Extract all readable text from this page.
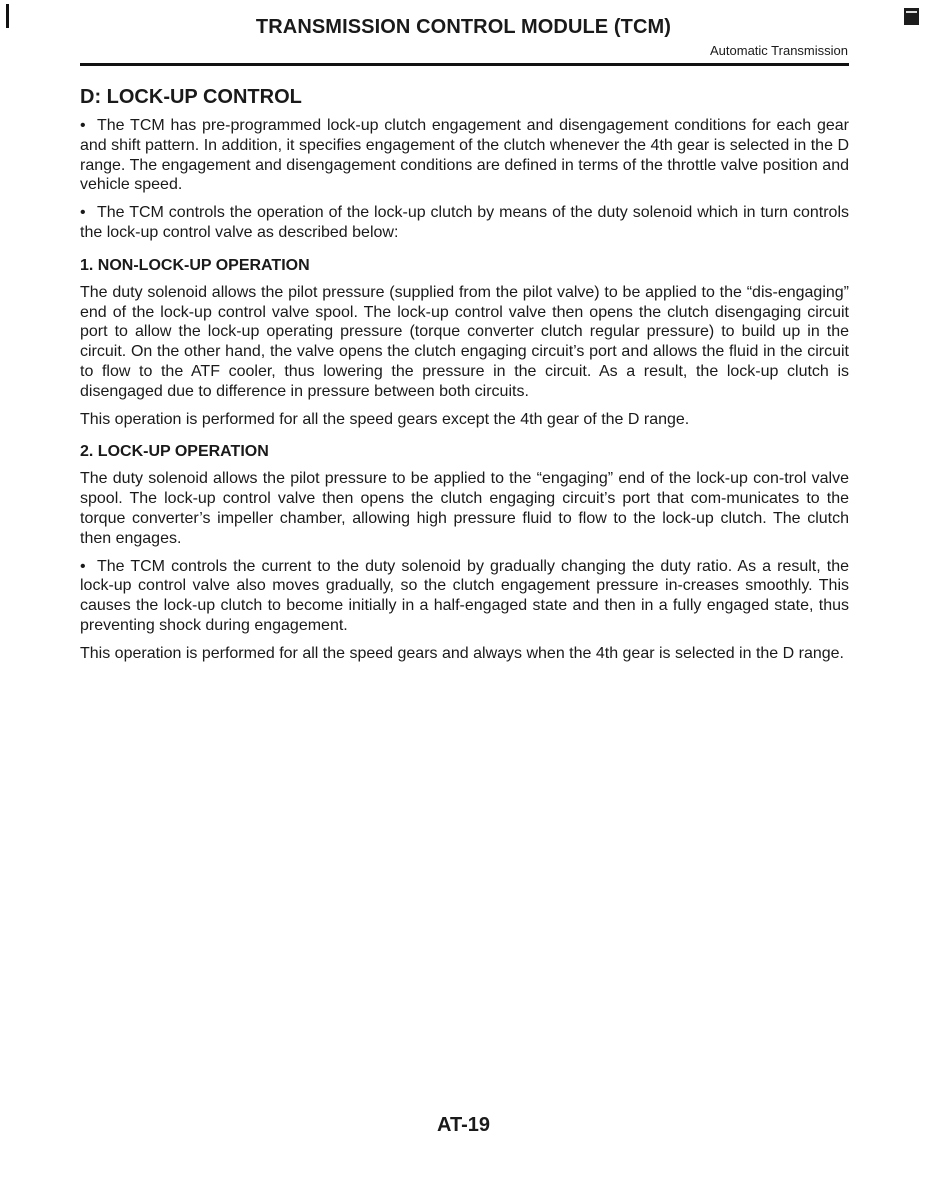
TRANSMISSION CONTROL MODULE (TCM)
Automatic Transmission
D: LOCK-UP CONTROL

• The TCM has pre-programmed lock-up clutch engagement and disengagement conditions for each gear and shift pattern. In addition, it specifies engagement of the clutch whenever the 4th gear is selected in the D range. The engagement and disengagement conditions are defined in terms of the throttle valve position and vehicle speed.

• The TCM controls the operation of the lock-up clutch by means of the duty solenoid which in turn controls the lock-up control valve as described below:

1. NON-LOCK-UP OPERATION

The duty solenoid allows the pilot pressure (supplied from the pilot valve) to be applied to the “dis-engaging” end of the lock-up control valve spool. The lock-up control valve then opens the clutch disengaging circuit port to allow the lock-up operating pressure (torque converter clutch regular pressure) to build up in the circuit. On the other hand, the valve opens the clutch engaging circuit’s port and allows the fluid in the circuit to flow to the ATF cooler, thus lowering the pressure in the circuit. As a result, the lock-up clutch is disengaged due to difference in pressure between both circuits.

This operation is performed for all the speed gears except the 4th gear of the D range.

2. LOCK-UP OPERATION

The duty solenoid allows the pilot pressure to be applied to the “engaging” end of the lock-up con-trol valve spool. The lock-up control valve then opens the clutch engaging circuit’s port that com-municates to the torque converter’s impeller chamber, allowing high pressure fluid to flow to the lock-up clutch. The clutch then engages.

• The TCM controls the current to the duty solenoid by gradually changing the duty ratio. As a result, the lock-up control valve also moves gradually, so the clutch engagement pressure in-creases smoothly. This causes the lock-up clutch to become initially in a half-engaged state and then in a fully engaged state, thus preventing shock during engagement.

This operation is performed for all the speed gears and always when the 4th gear is selected in the D range.

AT-19
